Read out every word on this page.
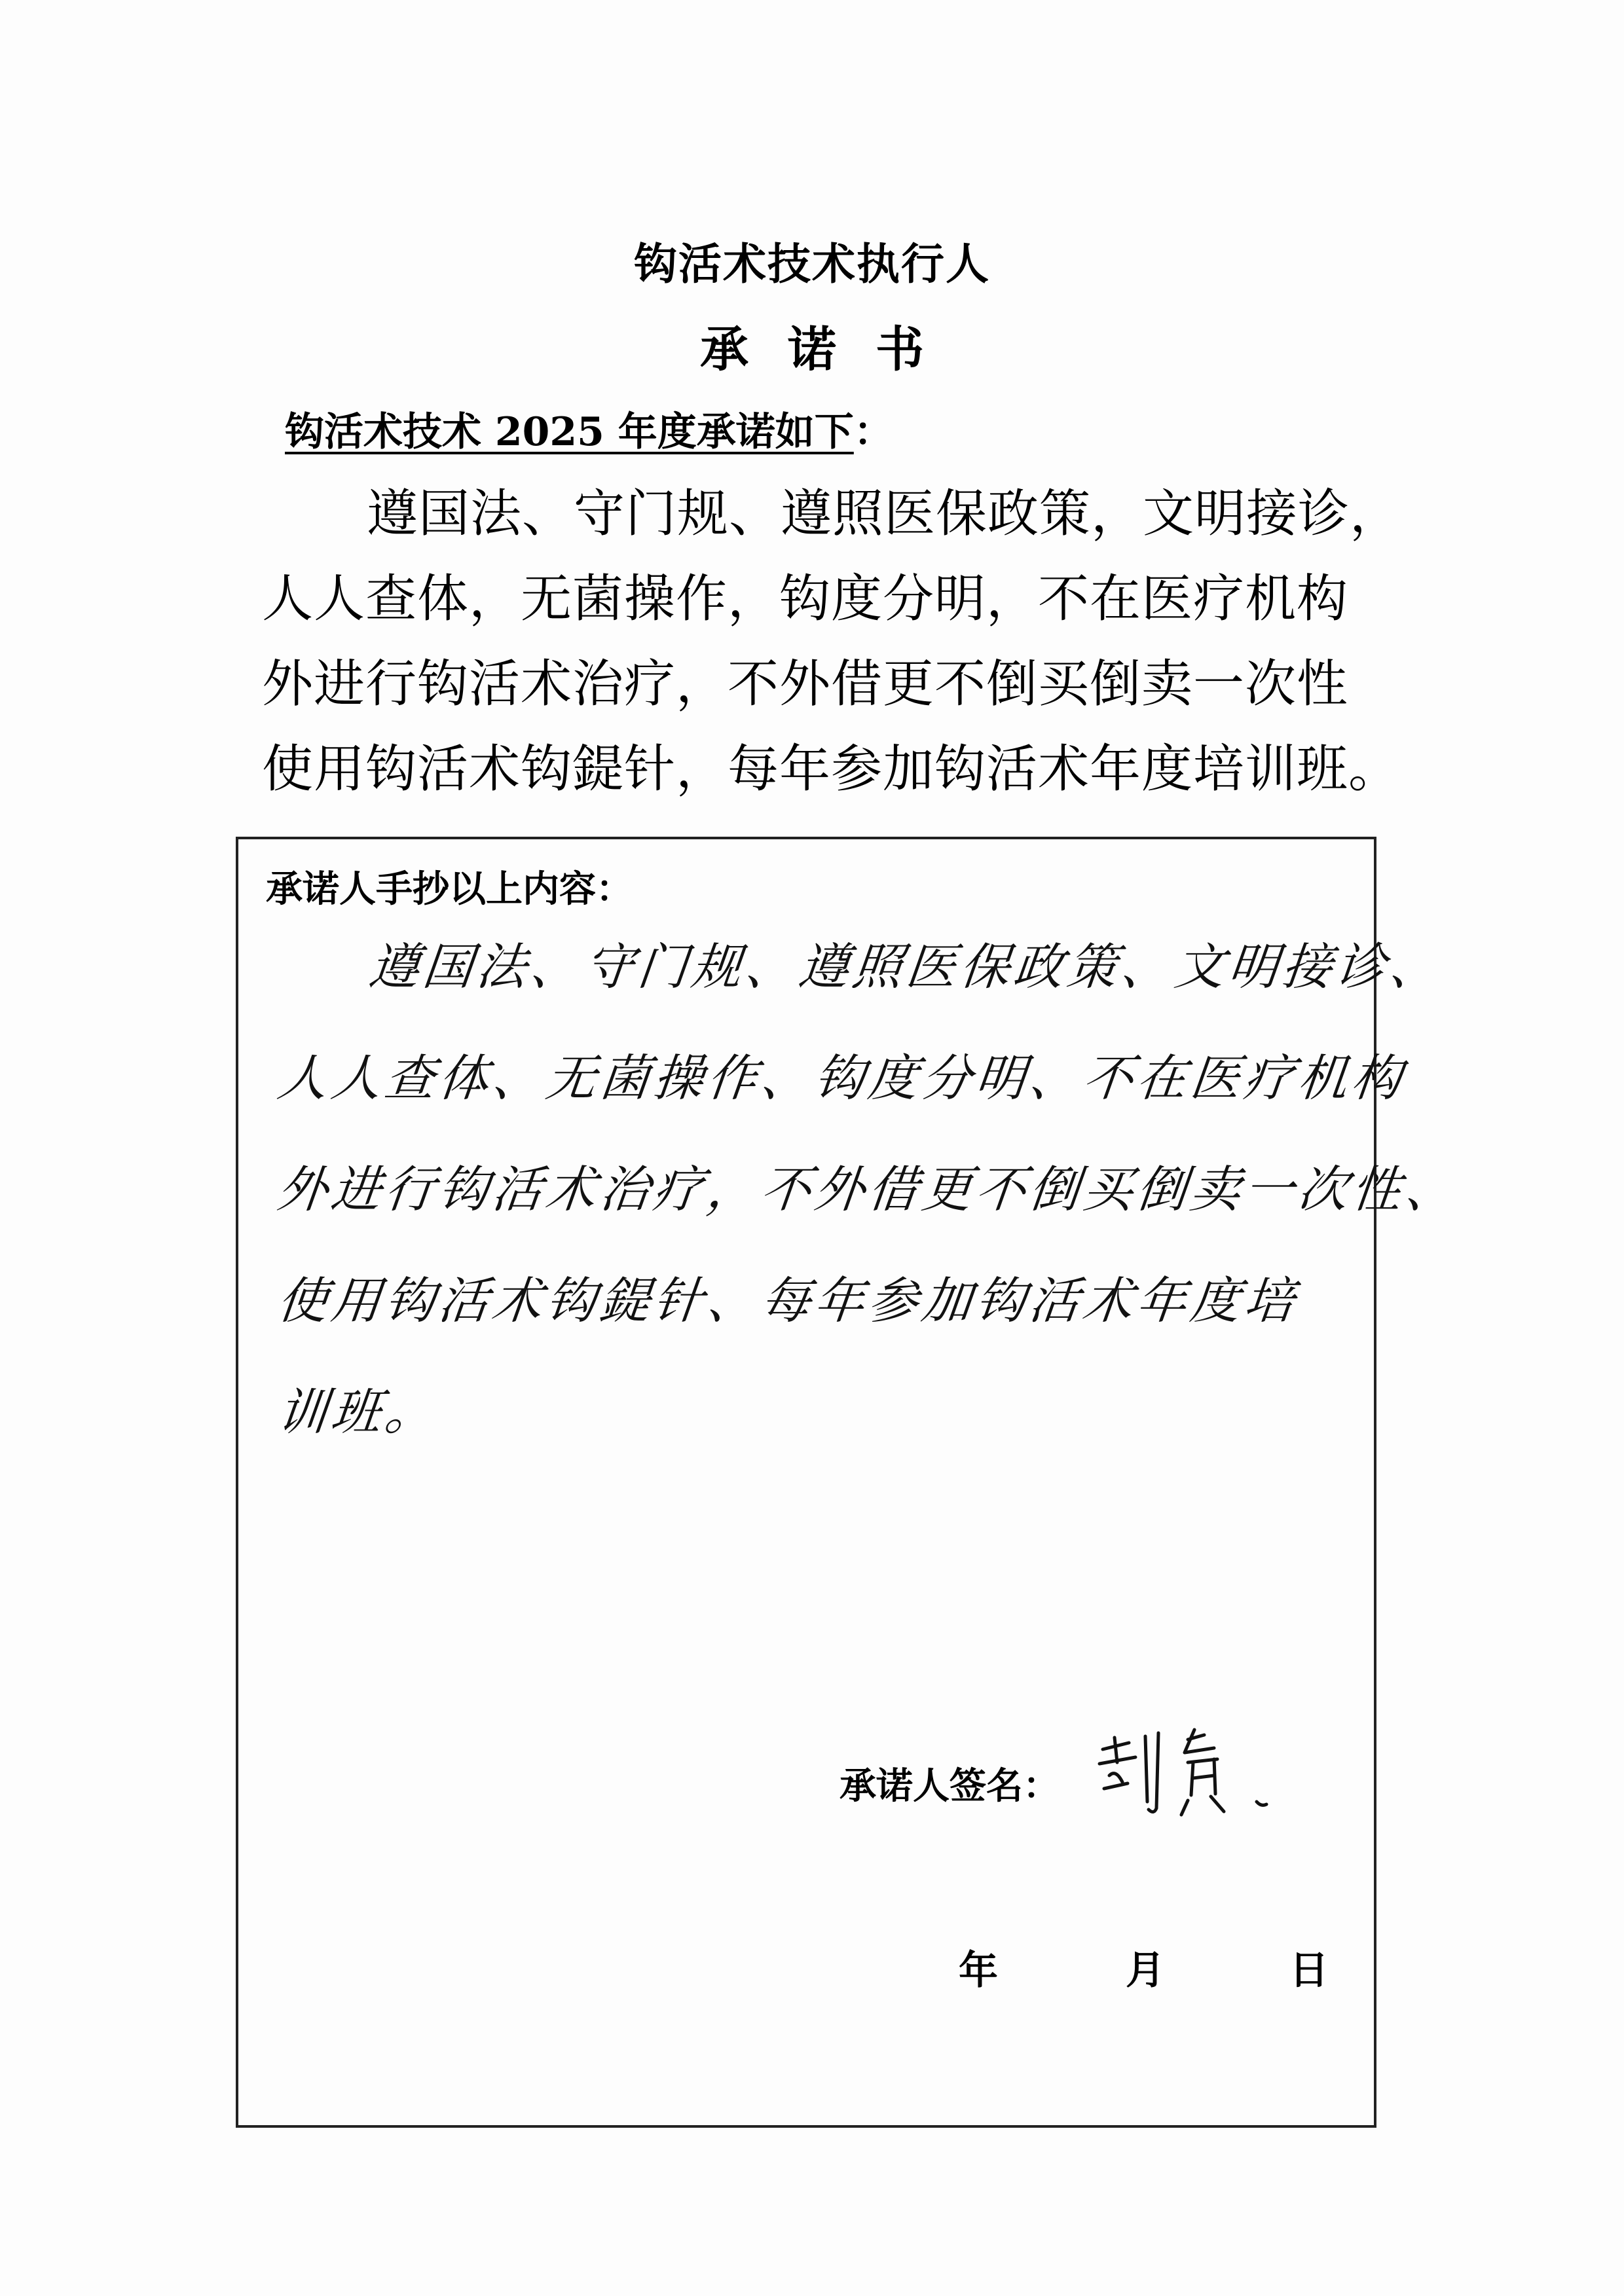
钩活术技术执行人
承诺书
钩活术技术 2025 年度承诺如下：
遵国法、守门规、遵照医保政策，文明接诊，
人人查体，无菌操作，钩度分明，不在医疗机构
外进行钩活术治疗，不外借更不倒买倒卖一次性
使用钩活术钩鍉针，每年参加钩活术年度培训班。
承诺人手抄以上内容：
遵国法、守门规、遵照医保政策、文明接诊、
人人查体、无菌操作、钩度分明、不在医疗机构
外进行钩活术治疗，不外借更不倒买倒卖一次性、
使用钩活术钩鍉针、每年参加钩活术年度培
训班。
承诺人签名：
年	月	日
